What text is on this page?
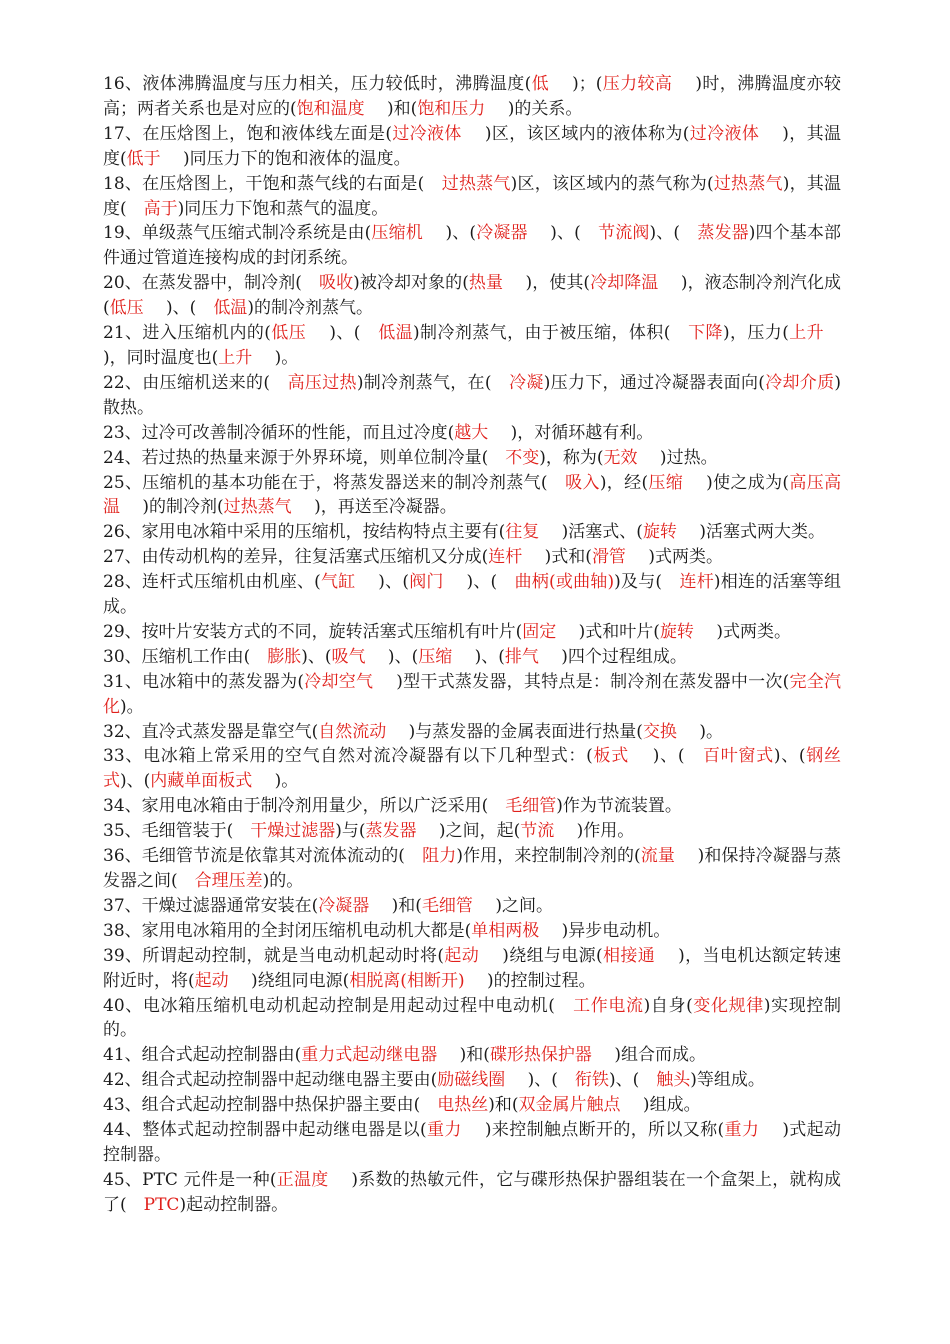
16、液体沸腾温度与压力相关，压力较低时，沸腾温度(低　 )；(压力较高　 )时，沸腾温度亦较高；两者关系也是对应的(饱和温度　 )和(饱和压力　 )的关系。

17、在压焓图上，饱和液体线左面是(过冷液体　 )区，该区域内的液体称为(过冷液体　 )，其温度(低于　 )同压力下的饱和液体的温度。

18、在压焓图上，干饱和蒸气线的右面是(　过热蒸气)区，该区域内的蒸气称为(过热蒸气)，其温度(　高于)同压力下饱和蒸气的温度。

19、单级蒸气压缩式制冷系统是由(压缩机　 )、(冷凝器　 )、(　节流阀)、(　蒸发器)四个基本部件通过管道连接构成的封闭系统。

20、在蒸发器中，制冷剂(　吸收)被冷却对象的(热量　 )，使其(冷却降温　 )，液态制冷剂汽化成(低压　 )、(　低温)的制冷剂蒸气。

21、进入压缩机内的(低压　 )、(　低温)制冷剂蒸气，由于被压缩，体积(　下降)，压力(上升　 )，同时温度也(上升　 )。

22、由压缩机送来的(　高压过热)制冷剂蒸气，在(　冷凝)压力下，通过冷凝器表面向(冷却介质)散热。

23、过冷可改善制冷循环的性能，而且过冷度(越大　 )，对循环越有利。

24、若过热的热量来源于外界环境，则单位制冷量(　不变)，称为(无效　 )过热。

25、压缩机的基本功能在于，将蒸发器送来的制冷剂蒸气(　吸入)，经(压缩　 )使之成为(高压高温　 )的制冷剂(过热蒸气　 )，再送至冷凝器。

26、家用电冰箱中采用的压缩机，按结构特点主要有(往复　 )活塞式、(旋转　 )活塞式两大类。

27、由传动机构的差异，往复活塞式压缩机又分成(连杆　 )式和(滑管　 )式两类。

28、连杆式压缩机由机座、(气缸　 )、(阀门　 )、(　曲柄(或曲轴))及与(　连杆)相连的活塞等组成。

29、按叶片安装方式的不同，旋转活塞式压缩机有叶片(固定　 )式和叶片(旋转　 )式两类。

30、压缩机工作由(　膨胀)、(吸气　 )、(压缩　 )、(排气　 )四个过程组成。

31、电冰箱中的蒸发器为(冷却空气　 )型干式蒸发器，其特点是：制冷剂在蒸发器中一次(完全汽化)。

32、直冷式蒸发器是靠空气(自然流动　 )与蒸发器的金属表面进行热量(交换　 )。

33、电冰箱上常采用的空气自然对流冷凝器有以下几种型式：(板式　 )、(　百叶窗式)、(钢丝式)、(内藏单面板式　 )。

34、家用电冰箱由于制冷剂用量少，所以广泛采用(　毛细管)作为节流装置。

35、毛细管装于(　干燥过滤器)与(蒸发器　 )之间，起(节流　 )作用。

36、毛细管节流是依靠其对流体流动的(　阻力)作用，来控制制冷剂的(流量　 )和保持冷凝器与蒸发器之间(　合理压差)的。

37、干燥过滤器通常安装在(冷凝器　 )和(毛细管　 )之间。

38、家用电冰箱用的全封闭压缩机电动机大都是(单相两极　 )异步电动机。

39、所谓起动控制，就是当电动机起动时将(起动　 )绕组与电源(相接通　 )，当电机达额定转速附近时，将(起动　 )绕组同电源(相脱离(相断开)　 )的控制过程。

40、电冰箱压缩机电动机起动控制是用起动过程中电动机(　工作电流)自身(变化规律)实现控制的。

41、组合式起动控制器由(重力式起动继电器　 )和(碟形热保护器　 )组合而成。

42、组合式起动控制器中起动继电器主要由(励磁线圈　 )、(　衔铁)、(　触头)等组成。

43、组合式起动控制器中热保护器主要由(　电热丝)和(双金属片触点　 )组成。

44、整体式起动控制器中起动继电器是以(重力　 )来控制触点断开的，所以又称(重力　 )式起动控制器。

45、PTC 元件是一种(正温度　 )系数的热敏元件，它与碟形热保护器组装在一个盒架上，就构成了(　PTC)起动控制器。
